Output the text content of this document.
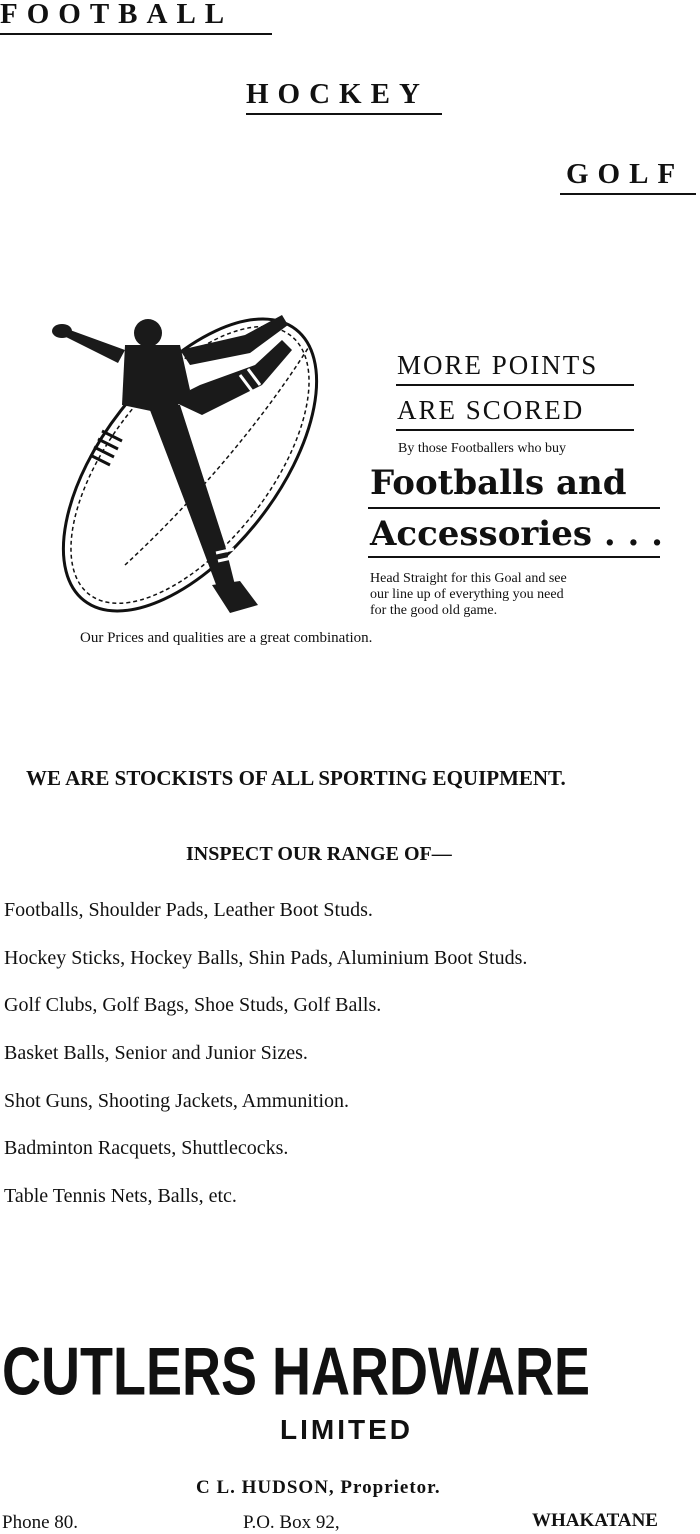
FOOTBALL
HOCKEY
GOLF
MORE POINTS
ARE SCORED
By those Footballers who buy
Footballs and
Accessories . . .
Head Straight for this Goal and see
our line up of everything you need
for the good old game.
Our Prices and qualities are a great combination.
WE ARE STOCKISTS OF ALL SPORTING EQUIPMENT.
INSPECT OUR RANGE OF—
Footballs, Shoulder Pads, Leather Boot Studs.
Hockey Sticks, Hockey Balls, Shin Pads, Aluminium Boot Studs.
Golf Clubs, Golf Bags, Shoe Studs, Golf Balls.
Basket Balls, Senior and Junior Sizes.
Shot Guns, Shooting Jackets, Ammunition.
Badminton Racquets, Shuttlecocks.
Table Tennis Nets, Balls, etc.
CUTLERS HARDWARE
LIMITED
C L. HUDSON, Proprietor.
Phone 80.	P.O. Box 92,	WHAKATANE
